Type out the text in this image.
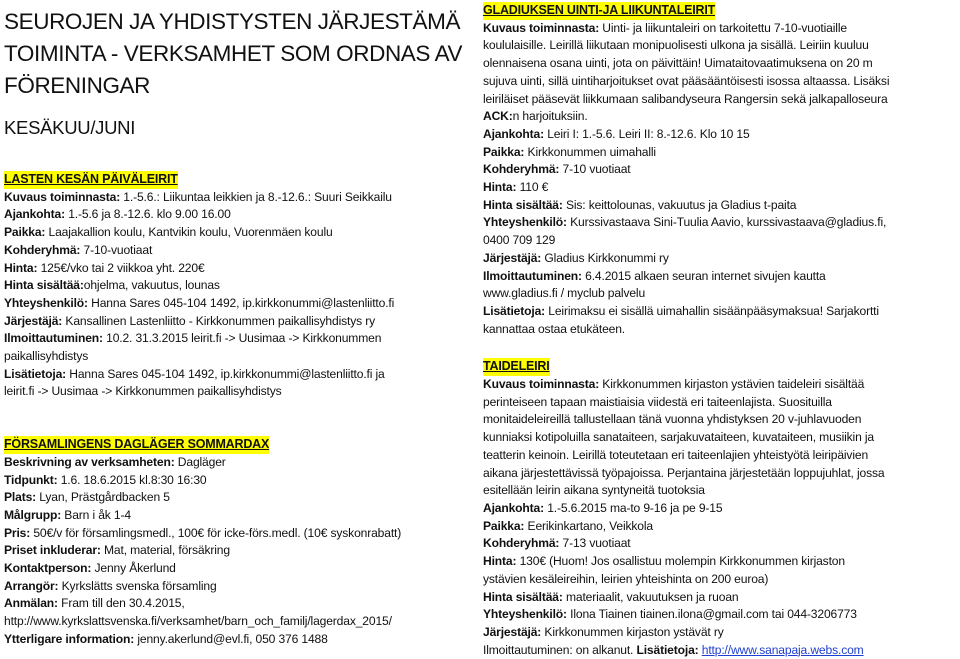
SEUROJEN JA YHDISTYSTEN JÄRJESTÄMÄ
TOIMINTA - VERKSAMHET SOM ORDNAS AV
FÖRENINGAR
KESÄKUU/JUNI
LASTEN KESÄN PÄIVÄLEIRIT
Kuvaus toiminnasta: 1.-5.6.: Liikuntaa leikkien ja 8.-12.6.: Suuri Seikkailu
Ajankohta: 1.-5.6 ja 8.-12.6. klo 9.00 16.00
Paikka: Laajakallion koulu, Kantvikin koulu, Vuorenmäen koulu
Kohderyhmä: 7-10-vuotiaat
Hinta: 125€/vko tai 2 viikkoa yht. 220€
Hinta sisältää:ohjelma, vakuutus, lounas
Yhteyshenkilö: Hanna Sares 045-104 1492, ip.kirkkonummi@lastenliitto.fi
Järjestäjä: Kansallinen Lastenliitto - Kirkkonummen paikallisyhdistys ry
Ilmoittautuminen: 10.2. 31.3.2015 leirit.fi -> Uusimaa -> Kirkkonummen
paikallisyhdistys
Lisätietoja: Hanna Sares 045-104 1492, ip.kirkkonummi@lastenliitto.fi ja
leirit.fi -> Uusimaa -> Kirkkonummen paikallisyhdistys
FÖRSAMLINGENS DAGLÄGER SOMMARDAX
Beskrivning av verksamheten: Dagläger
Tidpunkt: 1.6. 18.6.2015 kl.8:30 16:30
Plats: Lyan, Prästgårdbacken 5
Målgrupp: Barn i åk 1-4
Pris: 50€/v för församlingsmedl., 100€ för icke-förs.medl. (10€ syskonrabatt)
Priset inkluderar: Mat, material, försäkring
Kontaktperson: Jenny Åkerlund
Arrangör: Kyrkslätts svenska församling
Anmälan: Fram till den 30.4.2015,
http://www.kyrkslattsvenska.fi/verksamhet/barn_och_familj/lagerdax_2015/
Ytterligare information: jenny.akerlund@evl.fi, 050 376 1488
GLADIUKSEN UINTI-JA LIIKUNTALEIRIT
Kuvaus toiminnasta: Uinti- ja liikuntaleiri on tarkoitettu 7-10-vuotiaille
koululaisille. Leirillä liikutaan monipuolisesti ulkona ja sisällä. Leiriin kuuluu
olennaisena osana uinti, jota on päivittäin! Uimataitovaatimuksena on 20 m
sujuva uinti, sillä uintiharjoitukset ovat pääsääntöisesti isossa altaassa. Lisäksi
leiriläiset pääsevät liikkumaan salibandyseura Rangersin sekä jalkapalloseura
ACK:n harjoituksiin.
Ajankohta: Leiri I: 1.-5.6. Leiri II: 8.-12.6. Klo 10 15
Paikka: Kirkkonummen uimahalli
Kohderyhmä: 7-10 vuotiaat
Hinta: 110 €
Hinta sisältää: Sis: keittolounas, vakuutus ja Gladius t-paita
Yhteyshenkilö: Kurssivastaava Sini-Tuulia Aavio, kurssivastaava@gladius.fi,
0400 709 129
Järjestäjä: Gladius Kirkkonummi ry
Ilmoittautuminen: 6.4.2015 alkaen seuran internet sivujen kautta
www.gladius.fi / myclub palvelu
Lisätietoja: Leirimaksu ei sisällä uimahallin sisäänpääsymaksua! Sarjakortti
kannattaa ostaa etukäteen.
TAIDELEIRI
Kuvaus toiminnasta: Kirkkonummen kirjaston ystävien taideleiri sisältää
perinteiseen tapaan maistiaisia viidestä eri taiteenlajista. Suosituilla
monitaideleireillä tallustellaan tänä vuonna yhdistyksen 20 v-juhlavuoden
kunniaksi kotipoluilla sanataiteen, sarjakuvataiteen, kuvataiteen, musiikin ja
teatterin keinoin. Leirillä toteutetaan eri taiteenlajien yhteistyötä leiripäivien
aikana järjestettävissä työpajoissa. Perjantaina järjestetään loppujuhlat, jossa
esitellään leirin aikana syntyneitä tuotoksia
Ajankohta: 1.-5.6.2015 ma-to 9-16 ja pe 9-15
Paikka: Eerikinkartano, Veikkola
Kohderyhmä: 7-13 vuotiaat
Hinta: 130€ (Huom! Jos osallistuu molempin Kirkkonummen kirjaston
ystävien kesäleireihin, leirien yhteishinta on 200 euroa)
Hinta sisältää: materiaalit, vakuutuksen ja ruoan
Yhteyshenkilö: Ilona Tiainen tiainen.ilona@gmail.com tai 044-3206773
Järjestäjä: Kirkkonummen kirjaston ystävät ry
Ilmoittautuminen: on alkanut. Lisätietoja: http://www.sanapaja.webs.com
